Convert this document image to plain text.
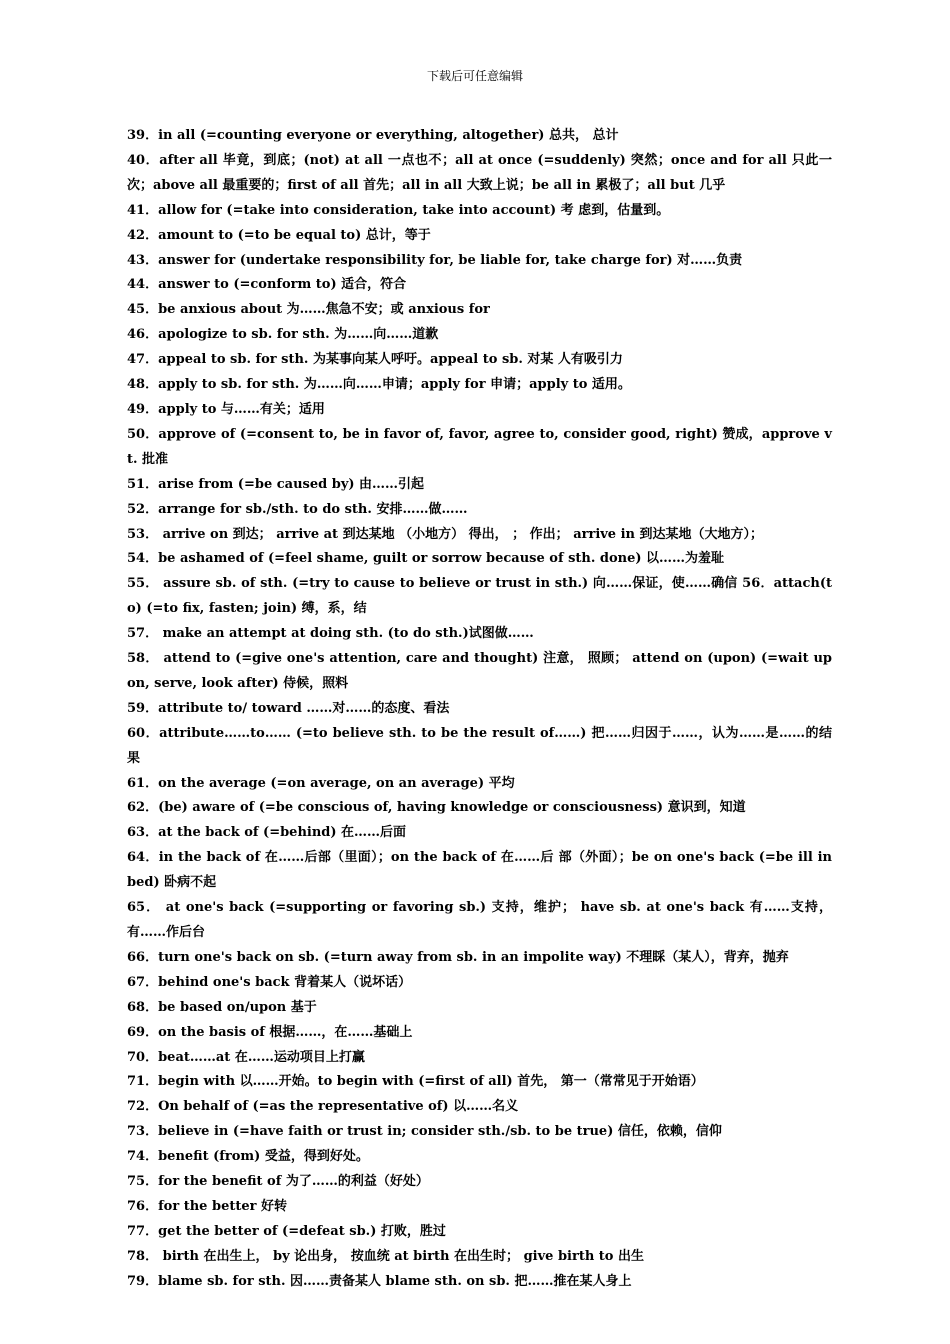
下载后可任意编辑
39．in all (=counting everyone or everything, altogether) 总共， 总计
40．after all 毕竟，到底；(not) at all 一点也不；all at once (=suddenly) 突然；once and for all 只此一次；above all 最重要的；first of all 首先；all in all 大致上说；be all in 累极了；all but 几乎
41．allow for (=take into consideration, take into account) 考 虑到，估量到。
42．amount to (=to be equal to) 总计，等于
43．answer for (undertake responsibility for, be liable for, take charge for) 对……负责
44．answer to (=conform to) 适合，符合
45．be anxious about 为……焦急不安；或 anxious for
46．apologize to sb. for sth. 为……向……道歉
47．appeal to sb. for sth. 为某事向某人呼吁。appeal to sb. 对某 人有吸引力
48．apply to sb. for sth. 为……向……申请；apply for 申请；apply to 适用。
49．apply to 与……有关；适用
50．approve of (=consent to, be in favor of, favor, agree to, consider good, right) 赞成，approve vt. 批准
51．arise from (=be caused by) 由……引起
52．arrange for sb./sth. to do sth. 安排……做……
53． arrive on 到达； arrive at 到达某地 （小地方） 得出， ； 作出； arrive in 到达某地（大地方）；
54．be ashamed of (=feel shame, guilt or sorrow because of sth. done) 以……为羞耻
55． assure sb. of sth. (=try to cause to believe or trust in sth.) 向……保证，使……确信 56．attach(to) (=to fix, fasten; join) 缚，系，结
57． make an attempt at doing sth. (to do sth.)试图做……
58． attend to (=give one's attention, care and thought) 注意， 照顾； attend on (upon) (=wait upon, serve, look after) 侍候，照料
59．attribute to/ toward ……对……的态度、看法
60．attribute……to…… (=to believe sth. to be the result of……) 把……归因于……，认为……是……的结果
61．on the average (=on average, on an average) 平均
62．(be) aware of (=be conscious of, having knowledge or consciousness) 意识到，知道
63．at the back of (=behind) 在……后面
64．in the back of 在……后部（里面）；on the back of 在……后 部（外面）；be on one's back (=be ill in bed) 卧病不起
65． at one's back (=supporting or favoring sb.) 支持，维护； have sb. at one's back 有……支持，有……作后台
66．turn one's back on sb. (=turn away from sb. in an impolite way) 不理睬（某人），背弃，抛弃
67．behind one's back 背着某人（说坏话）
68．be based on/upon 基于
69．on the basis of 根据……，在……基础上
70．beat……at 在……运动项目上打赢
71．begin with 以……开始。to begin with (=first of all) 首先， 第一（常常见于开始语）
72．On behalf of (=as the representative of) 以……名义
73．believe in (=have faith or trust in; consider sth./sb. to be true) 信任，依赖，信仰
74．benefit (from) 受益，得到好处。
75．for the benefit of 为了……的利益（好处）
76．for the better 好转
77．get the better of (=defeat sb.) 打败，胜过
78． birth 在出生上， by 论出身， 按血统 at birth 在出生时； give birth to 出生
79．blame sb. for sth. 因……责备某人 blame sth. on sb. 把……推在某人身上
